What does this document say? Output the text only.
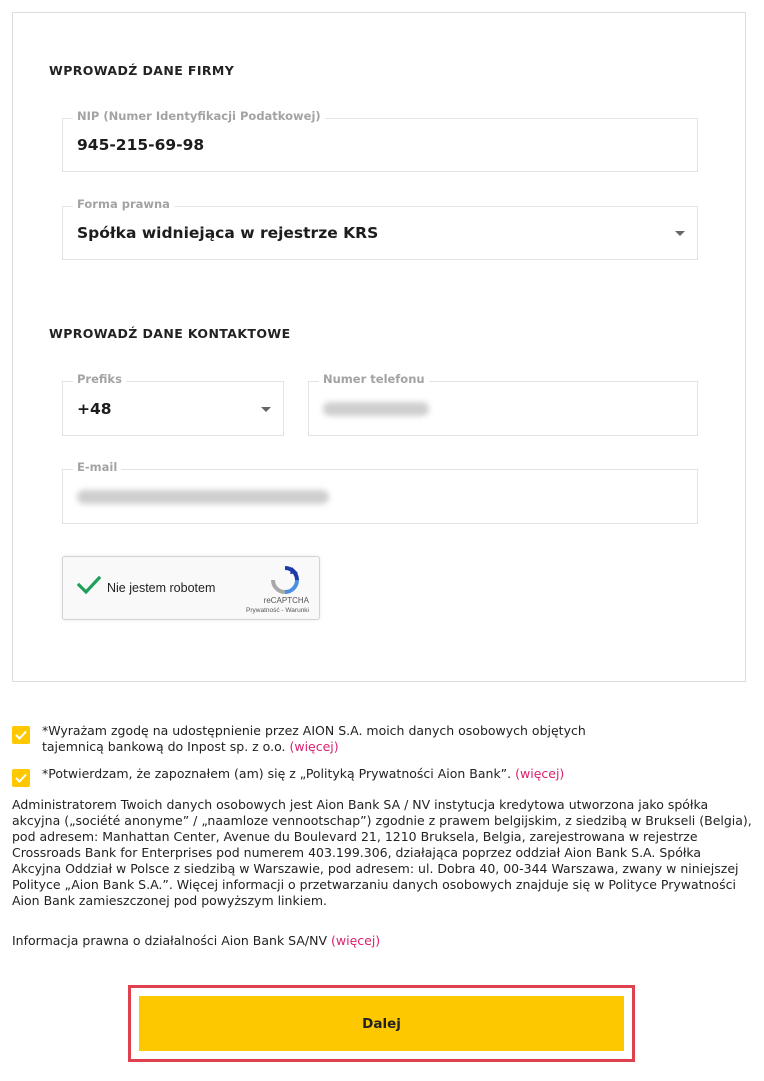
WPROWADŹ DANE FIRMY
NIP (Numer Identyfikacji Podatkowej)
945-215-69-98
Forma prawna
Spółka widniejąca w rejestrze KRS
WPROWADŹ DANE KONTAKTOWE
Prefiks
+48
Numer telefonu
E-mail
Nie jestem robotem
reCAPTCHA
Prywatność - Warunki
*Wyrażam zgodę na udostępnienie przez AION S.A. moich danych osobowych objętych tajemnicą bankową do Inpost sp. z o.o. (więcej)
*Potwierdzam, że zapoznałem (am) się z „Polityką Prywatności Aion Bank”. (więcej)
Administratorem Twoich danych osobowych jest Aion Bank SA / NV instytucja kredytowa utworzona jako spółka akcyjna („société anonyme” / „naamloze vennootschap”) zgodnie z prawem belgijskim, z siedzibą w Brukseli (Belgia), pod adresem: Manhattan Center, Avenue du Boulevard 21, 1210 Bruksela, Belgia, zarejestrowana w rejestrze Crossroads Bank for Enterprises pod numerem 403.199.306, działająca poprzez oddział Aion Bank S.A. Spółka Akcyjna Oddział w Polsce z siedzibą w Warszawie, pod adresem: ul. Dobra 40, 00-344 Warszawa, zwany w niniejszej Polityce „Aion Bank S.A.”. Więcej informacji o przetwarzaniu danych osobowych znajduje się w Polityce Prywatności Aion Bank zamieszczonej pod powyższym linkiem.
Informacja prawna o działalności Aion Bank SA/NV (więcej)
Dalej
